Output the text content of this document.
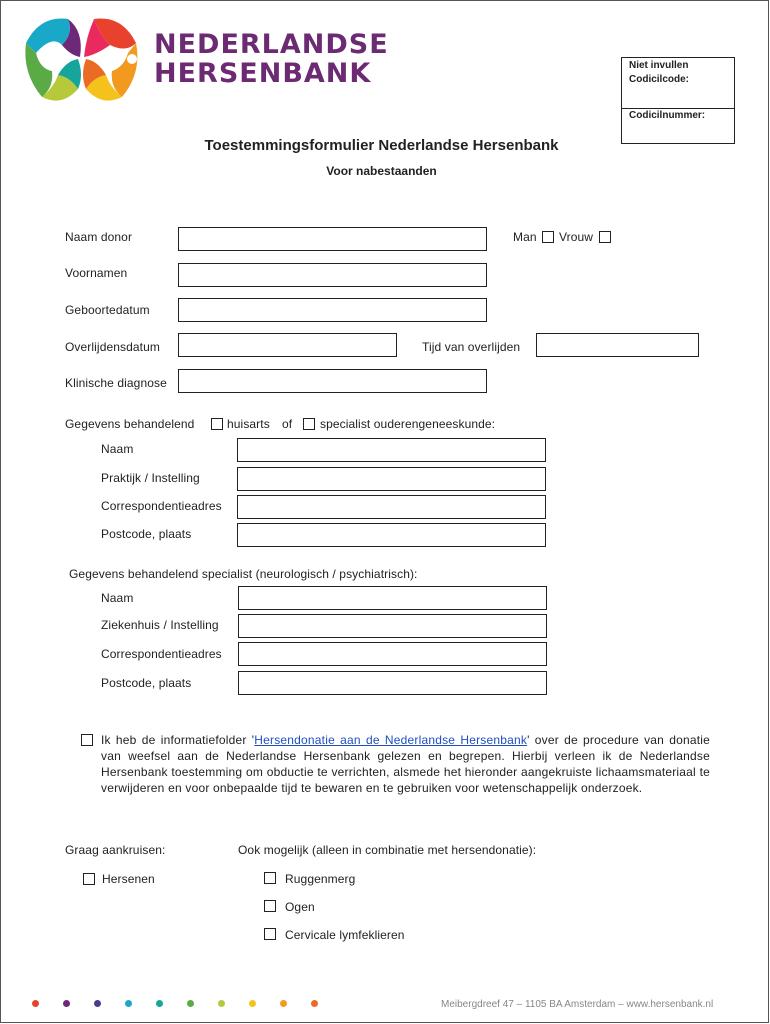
NEDERLANDSE
HERSENBANK	Niet invullen
Codicilcode:
Codicilnummer:
Toestemmingsformulier Nederlandse Hersenbank
Voor nabestaanden
Naam donor	Man Vrouw
Voornamen
Geboortedatum
Overlijdensdatum	Tijd van overlijden
Klinische diagnose
Gegevens behandelend	huisarts of specialist ouderengeneeskunde:
Naam
Praktijk / Instelling
Correspondentieadres
Postcode, plaats
Gegevens behandelend specialist (neurologisch / psychiatrisch):
Naam
Ziekenhuis / Instelling
Correspondentieadres
Postcode, plaats
Ik heb de informatiefolder 'Hersendonatie aan de Nederlandse Hersenbank' over de procedure van donatie van weefsel aan de Nederlandse Hersenbank gelezen en begrepen. Hierbij verleen ik de Nederlandse Hersenbank toestemming om obductie te verrichten, alsmede het hieronder aangekruiste lichaamsmateriaal te verwijderen en voor onbepaalde tijd te bewaren en te gebruiken voor wetenschappelijk onderzoek.
Graag aankruisen:	Ook mogelijk (alleen in combinatie met hersendonatie):
Hersenen	Ruggenmerg
Ogen
Cervicale lymfeklieren
Meibergdreef 47 – 1105 BA Amsterdam – www.hersenbank.nl
